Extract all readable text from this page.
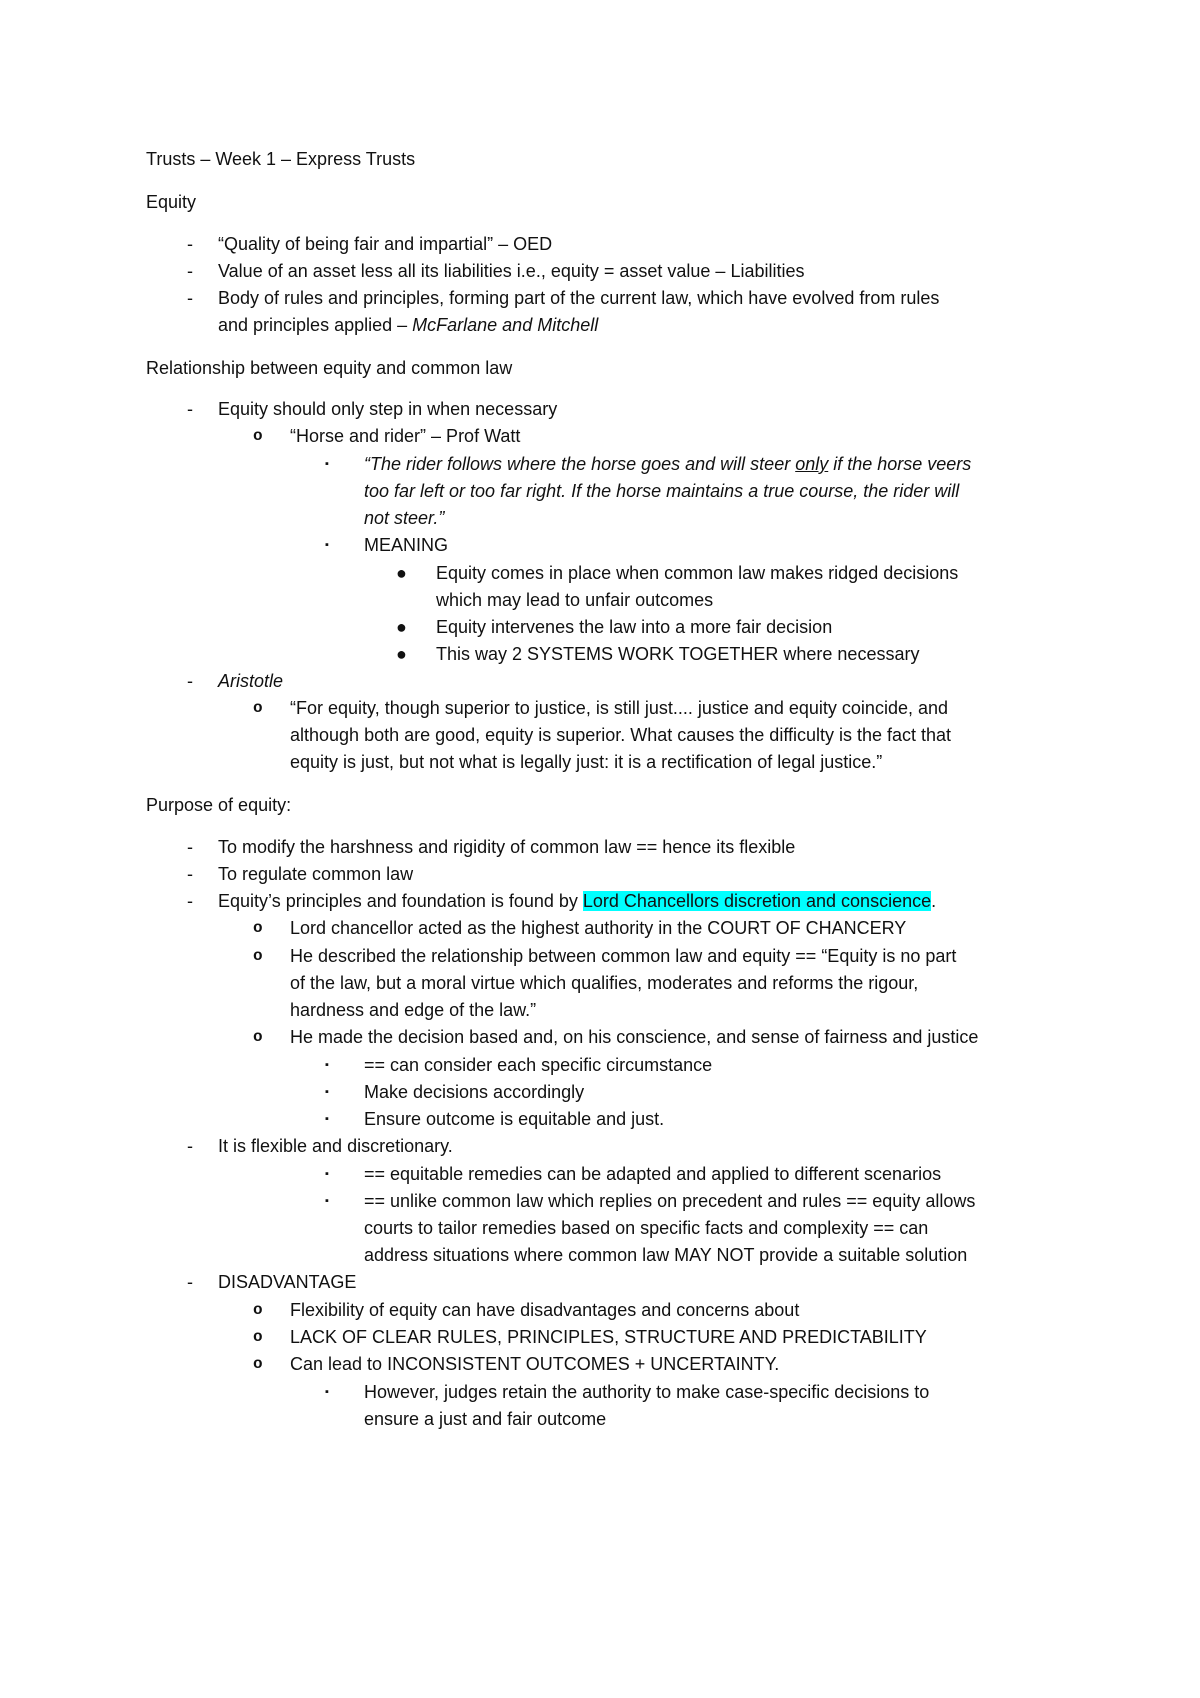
Trusts – Week 1 – Express Trusts
Equity
- “Quality of being fair and impartial” – OED
- Value of an asset less all its liabilities i.e., equity = asset value – Liabilities
- Body of rules and principles, forming part of the current law, which have evolved from rules
and principles applied – McFarlane and Mitchell
Relationship between equity and common law
- Equity should only step in when necessary
o “Horse and rider” – Prof Watt
▪ “The rider follows where the horse goes and will steer only if the horse veers
too far left or too far right. If the horse maintains a true course, the rider will
not steer.”
▪ MEANING
● Equity comes in place when common law makes ridged decisions
which may lead to unfair outcomes
● Equity intervenes the law into a more fair decision
● This way 2 SYSTEMS WORK TOGETHER where necessary
- Aristotle
o “For equity, though superior to justice, is still just.... justice and equity coincide, and
although both are good, equity is superior. What causes the difficulty is the fact that
equity is just, but not what is legally just: it is a rectification of legal justice.”
Purpose of equity:
- To modify the harshness and rigidity of common law == hence its flexible
- To regulate common law
- Equity’s principles and foundation is found by Lord Chancellors discretion and conscience.
o Lord chancellor acted as the highest authority in the COURT OF CHANCERY
o He described the relationship between common law and equity == “Equity is no part
of the law, but a moral virtue which qualifies, moderates and reforms the rigour,
hardness and edge of the law.”
o He made the decision based and, on his conscience, and sense of fairness and justice
▪ == can consider each specific circumstance
▪ Make decisions accordingly
▪ Ensure outcome is equitable and just.
- It is flexible and discretionary.
▪ == equitable remedies can be adapted and applied to different scenarios
▪ == unlike common law which replies on precedent and rules == equity allows
courts to tailor remedies based on specific facts and complexity == can
address situations where common law MAY NOT provide a suitable solution
- DISADVANTAGE
o Flexibility of equity can have disadvantages and concerns about
o LACK OF CLEAR RULES, PRINCIPLES, STRUCTURE AND PREDICTABILITY
o Can lead to INCONSISTENT OUTCOMES + UNCERTAINTY.
▪ However, judges retain the authority to make case-specific decisions to
ensure a just and fair outcome
